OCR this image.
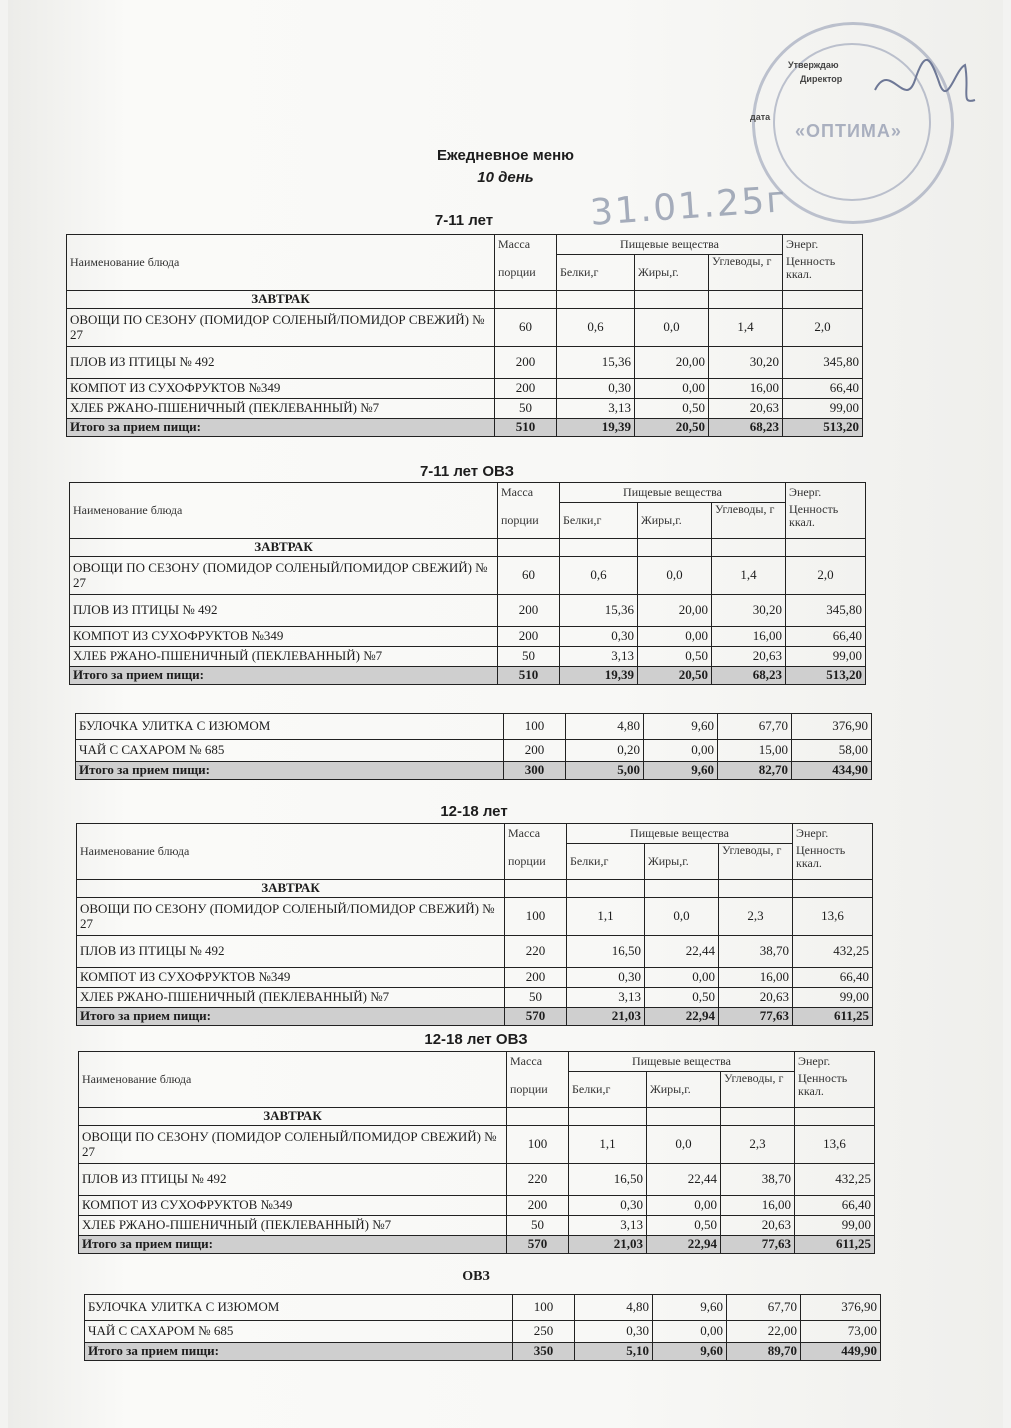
«ОПТИМА»
Утверждаю
Директор
дата
Ежедневное меню
10 день
31.01.25г
7-11 лет
Наименование блюда	Масса	Пищевые вещества			Энерг.
	порции	Белки,г	Жиры,г.	Углеводы, г	Ценность ккал.
ЗАВТРАК					
ОВОЩИ ПО СЕЗОНУ (ПОМИДОР СОЛЕНЫЙ/ПОМИДОР СВЕЖИЙ) № 27	60	0,6	0,0	1,4	2,0
ПЛОВ ИЗ ПТИЦЫ № 492	200	15,36	20,00	30,20	345,80
КОМПОТ ИЗ СУХОФРУКТОВ №349	200	0,30	0,00	16,00	66,40
ХЛЕБ РЖАНО-ПШЕНИЧНЫЙ (ПЕКЛЕВАННЫЙ) №7	50	3,13	0,50	20,63	99,00
Итого за прием пищи:	510	19,39	20,50	68,23	513,20
7-11 лет ОВЗ
Наименование блюда	Масса	Пищевые вещества			Энерг.
	порции	Белки,г	Жиры,г.	Углеводы, г	Ценность ккал.
ЗАВТРАК					
ОВОЩИ ПО СЕЗОНУ (ПОМИДОР СОЛЕНЫЙ/ПОМИДОР СВЕЖИЙ) № 27	60	0,6	0,0	1,4	2,0
ПЛОВ ИЗ ПТИЦЫ № 492	200	15,36	20,00	30,20	345,80
КОМПОТ ИЗ СУХОФРУКТОВ №349	200	0,30	0,00	16,00	66,40
ХЛЕБ РЖАНО-ПШЕНИЧНЫЙ (ПЕКЛЕВАННЫЙ) №7	50	3,13	0,50	20,63	99,00
Итого за прием пищи:	510	19,39	20,50	68,23	513,20
БУЛОЧКА УЛИТКА С ИЗЮМОМ	100	4,80	9,60	67,70	376,90
ЧАЙ С САХАРОМ № 685	200	0,20	0,00	15,00	58,00
Итого за прием пищи:	300	5,00	9,60	82,70	434,90
12-18 лет
Наименование блюда	Масса	Пищевые вещества			Энерг.
	порции	Белки,г	Жиры,г.	Углеводы, г	Ценность ккал.
ЗАВТРАК					
ОВОЩИ ПО СЕЗОНУ (ПОМИДОР СОЛЕНЫЙ/ПОМИДОР СВЕЖИЙ) № 27	100	1,1	0,0	2,3	13,6
ПЛОВ ИЗ ПТИЦЫ № 492	220	16,50	22,44	38,70	432,25
КОМПОТ ИЗ СУХОФРУКТОВ №349	200	0,30	0,00	16,00	66,40
ХЛЕБ РЖАНО-ПШЕНИЧНЫЙ (ПЕКЛЕВАННЫЙ) №7	50	3,13	0,50	20,63	99,00
Итого за прием пищи:	570	21,03	22,94	77,63	611,25
12-18 лет ОВЗ
Наименование блюда	Масса	Пищевые вещества			Энерг.
	порции	Белки,г	Жиры,г.	Углеводы, г	Ценность ккал.
ЗАВТРАК					
ОВОЩИ ПО СЕЗОНУ (ПОМИДОР СОЛЕНЫЙ/ПОМИДОР СВЕЖИЙ) № 27	100	1,1	0,0	2,3	13,6
ПЛОВ ИЗ ПТИЦЫ № 492	220	16,50	22,44	38,70	432,25
КОМПОТ ИЗ СУХОФРУКТОВ №349	200	0,30	0,00	16,00	66,40
ХЛЕБ РЖАНО-ПШЕНИЧНЫЙ (ПЕКЛЕВАННЫЙ) №7	50	3,13	0,50	20,63	99,00
Итого за прием пищи:	570	21,03	22,94	77,63	611,25
ОВЗ
БУЛОЧКА УЛИТКА С ИЗЮМОМ	100	4,80	9,60	67,70	376,90
ЧАЙ С САХАРОМ № 685	250	0,30	0,00	22,00	73,00
Итого за прием пищи:	350	5,10	9,60	89,70	449,90
